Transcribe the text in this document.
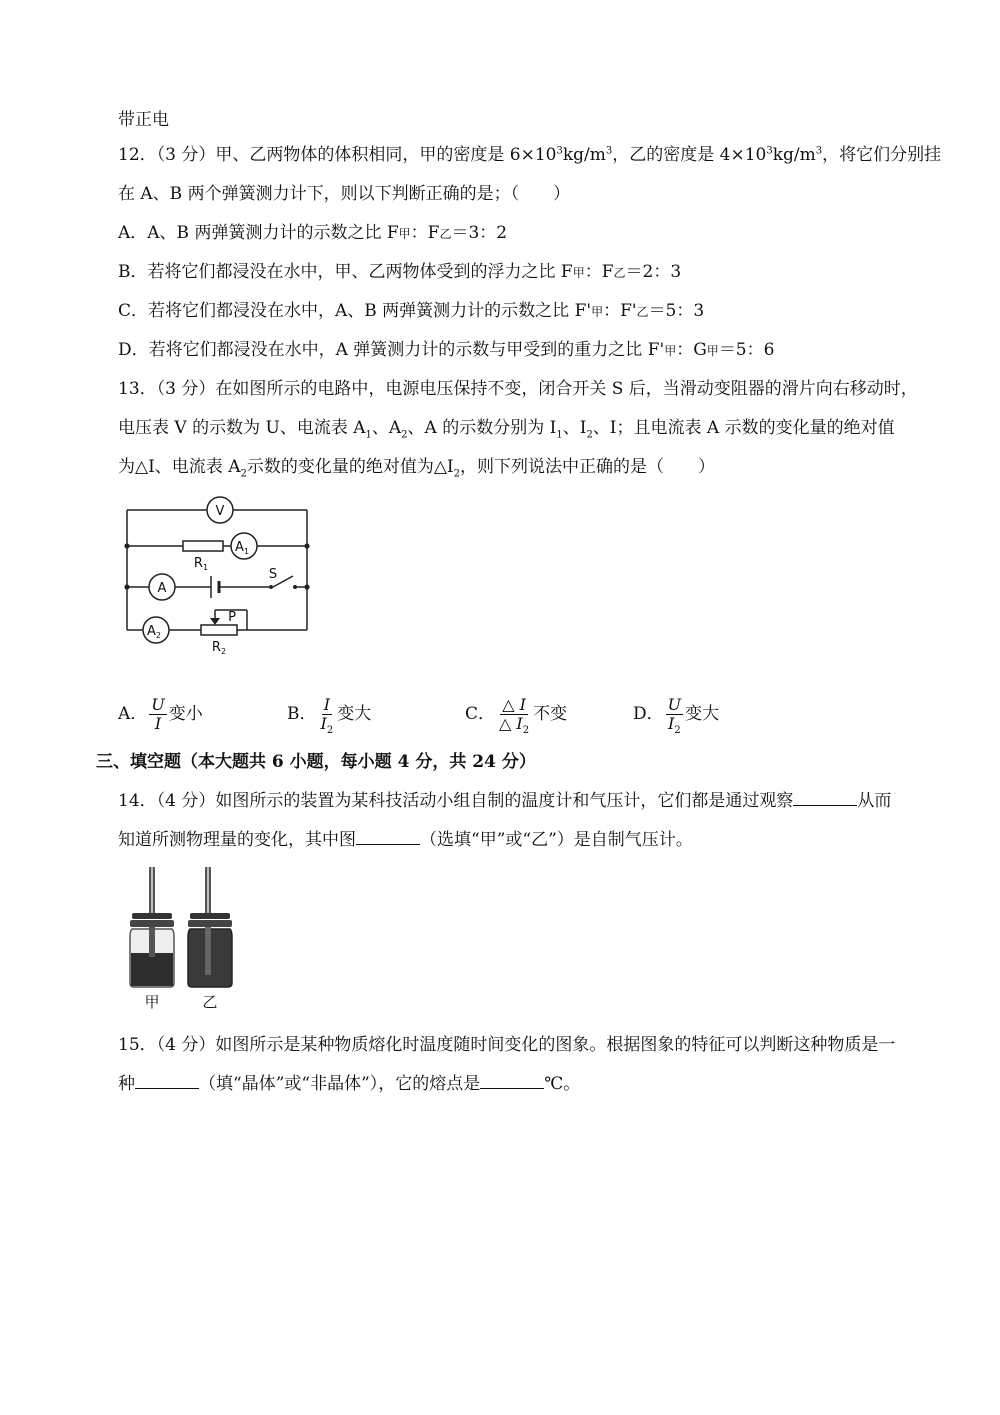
带正电
12．（3 分）甲、乙两物体的体积相同，甲的密度是 $6\times 10^3kg/m^3$，乙的密度是 $4\times 10^3kg/m^3$，将它们分别挂
在 A、B 两个弹簧测力计下，则以下判断正确的是；（　　）
A．A、B 两弹簧测力计的示数之比 F甲：F乙＝3：2
B．若将它们都浸没在水中，甲、乙两物体受到的浮力之比 F甲：F乙＝2：3
C．若将它们都浸没在水中，A、B 两弹簧测力计的示数之比 F'甲：F'乙＝5：3
D．若将它们都浸没在水中，A 弹簧测力计的示数与甲受到的重力之比 F'甲：G甲＝5：6
13．（3 分）在如图所示的电路中，电源电压保持不变，闭合开关 S 后，当滑动变阻器的滑片向右移动时，
电压表 V 的示数为 U、电流表 $A_1$、$A_2$、A 的示数分别为 $I_1$、$I_2$、I；且电流表 A 示数的变化量的绝对值
为△I、电流表 $A_2$示数的变化量的绝对值为$\triangle I_2$，则下列说法中正确的是（　　）
V
$A_1$
A
$A_2$
$R_1$
$R_2$
S
P
A． $\frac{U}{I}$ 变小	B． $\frac{I}{I_2}$ 变大	C． $\frac{\triangle I}{\triangle I_2}$ 不变	D． $\frac{U}{I_2}$ 变大
三、填空题（本大题共 6 小题，每小题 4 分，共 24 分）
14．（4 分）如图所示的装置为某科技活动小组自制的温度计和气压计，它们都是通过观察	从而
知道所测物理量的变化，其中图	（选填“甲”或“乙”）是自制气压计。
甲	乙
15．（4 分）如图所示是某种物质熔化时温度随时间变化的图象。根据图象的特征可以判断这种物质是一
种	（填“晶体”或“非晶体”），它的熔点是	℃。
